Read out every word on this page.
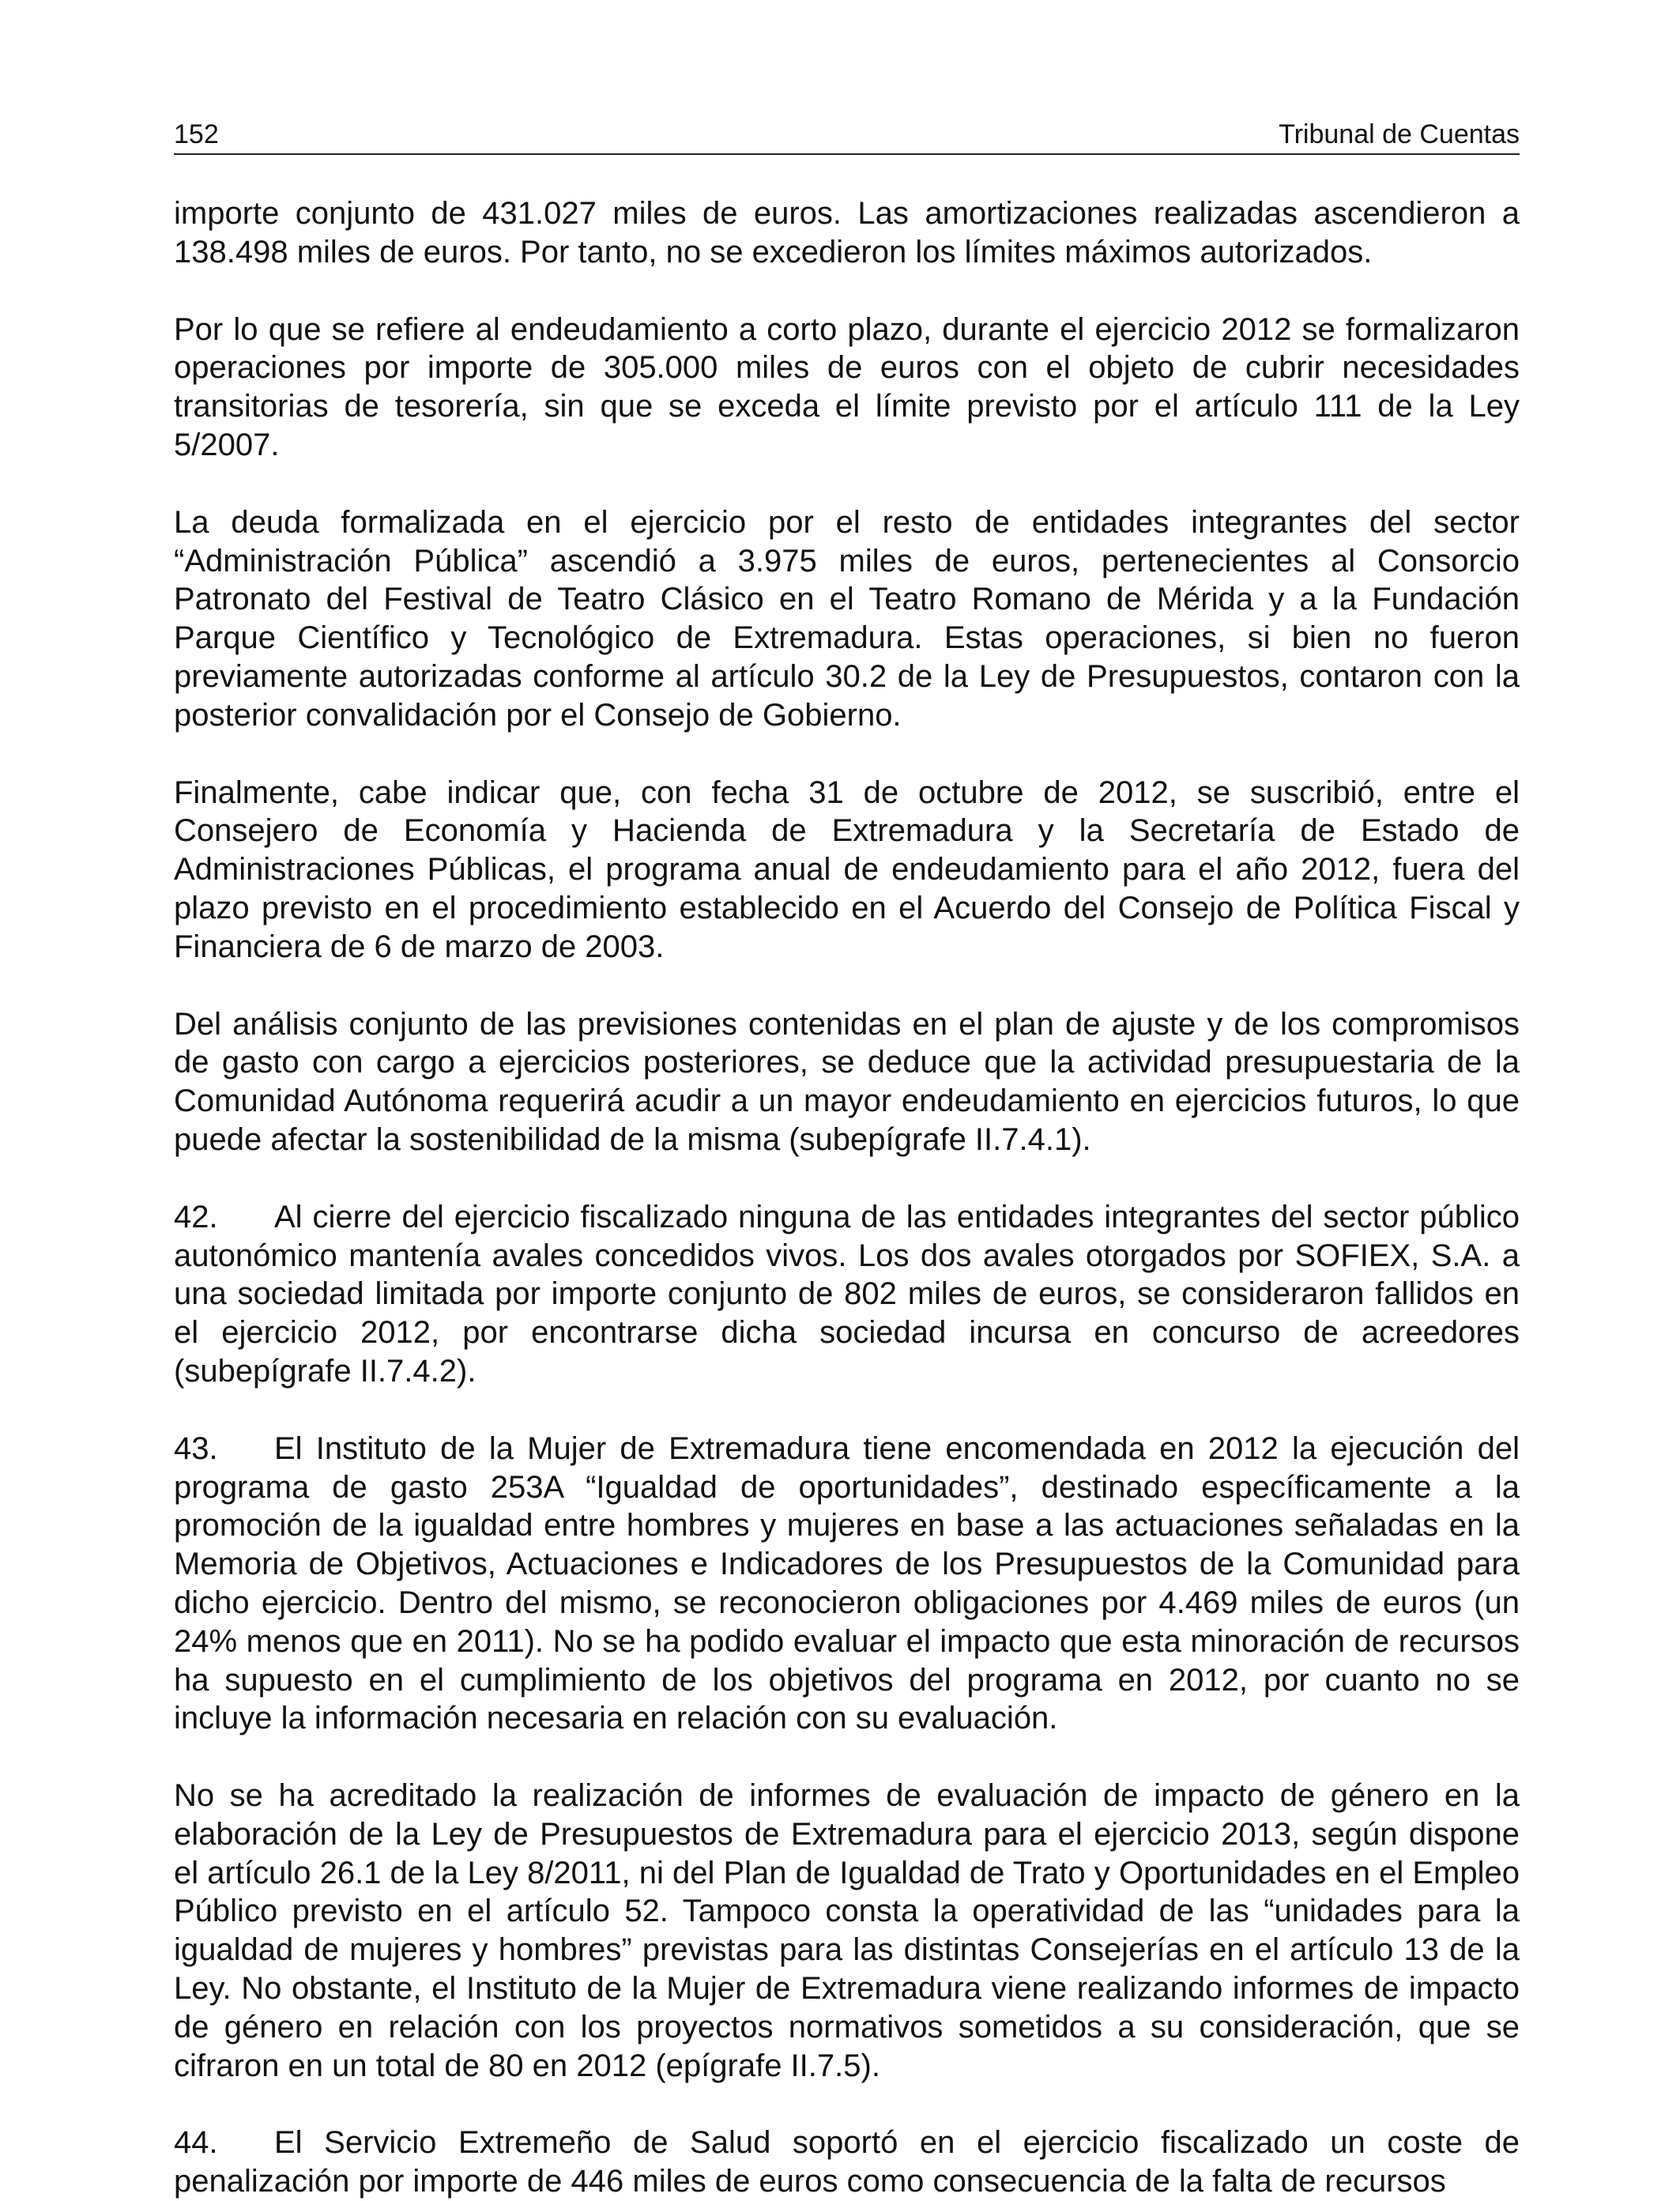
152	Tribunal de Cuentas

importe conjunto de 431.027 miles de euros. Las amortizaciones realizadas ascendieron a 138.498 miles de euros. Por tanto, no se excedieron los límites máximos autorizados.

Por lo que se refiere al endeudamiento a corto plazo, durante el ejercicio 2012 se formalizaron operaciones por importe de 305.000 miles de euros con el objeto de cubrir necesidades transitorias de tesorería, sin que se exceda el límite previsto por el artículo 111 de la Ley 5/2007.

La deuda formalizada en el ejercicio por el resto de entidades integrantes del sector “Administración Pública” ascendió a 3.975 miles de euros, pertenecientes al Consorcio Patronato del Festival de Teatro Clásico en el Teatro Romano de Mérida y a la Fundación Parque Científico y Tecnológico de Extremadura. Estas operaciones, si bien no fueron previamente autorizadas conforme al artículo 30.2 de la Ley de Presupuestos, contaron con la posterior convalidación por el Consejo de Gobierno.

Finalmente, cabe indicar que, con fecha 31 de octubre de 2012, se suscribió, entre el Consejero de Economía y Hacienda de Extremadura y la Secretaría de Estado de Administraciones Públicas, el programa anual de endeudamiento para el año 2012, fuera del plazo previsto en el procedimiento establecido en el Acuerdo del Consejo de Política Fiscal y Financiera de 6 de marzo de 2003.

Del análisis conjunto de las previsiones contenidas en el plan de ajuste y de los compromisos de gasto con cargo a ejercicios posteriores, se deduce que la actividad presupuestaria de la Comunidad Autónoma requerirá acudir a un mayor endeudamiento en ejercicios futuros, lo que puede afectar la sostenibilidad de la misma (subepígrafe II.7.4.1).

42. Al cierre del ejercicio fiscalizado ninguna de las entidades integrantes del sector público autonómico mantenía avales concedidos vivos. Los dos avales otorgados por SOFIEX, S.A. a una sociedad limitada por importe conjunto de 802 miles de euros, se consideraron fallidos en el ejercicio 2012, por encontrarse dicha sociedad incursa en concurso de acreedores (subepígrafe II.7.4.2).

43. El Instituto de la Mujer de Extremadura tiene encomendada en 2012 la ejecución del programa de gasto 253A “Igualdad de oportunidades”, destinado específicamente a la promoción de la igualdad entre hombres y mujeres en base a las actuaciones señaladas en la Memoria de Objetivos, Actuaciones e Indicadores de los Presupuestos de la Comunidad para dicho ejercicio. Dentro del mismo, se reconocieron obligaciones por 4.469 miles de euros (un 24% menos que en 2011). No se ha podido evaluar el impacto que esta minoración de recursos ha supuesto en el cumplimiento de los objetivos del programa en 2012, por cuanto no se incluye la información necesaria en relación con su evaluación.

No se ha acreditado la realización de informes de evaluación de impacto de género en la elaboración de la Ley de Presupuestos de Extremadura para el ejercicio 2013, según dispone el artículo 26.1 de la Ley 8/2011, ni del Plan de Igualdad de Trato y Oportunidades en el Empleo Público previsto en el artículo 52. Tampoco consta la operatividad de las “unidades para la igualdad de mujeres y hombres” previstas para las distintas Consejerías en el artículo 13 de la Ley. No obstante, el Instituto de la Mujer de Extremadura viene realizando informes de impacto de género en relación con los proyectos normativos sometidos a su consideración, que se cifraron en un total de 80 en 2012 (epígrafe II.7.5).

44. El Servicio Extremeño de Salud soportó en el ejercicio fiscalizado un coste de penalización por importe de 446 miles de euros como consecuencia de la falta de recursos
